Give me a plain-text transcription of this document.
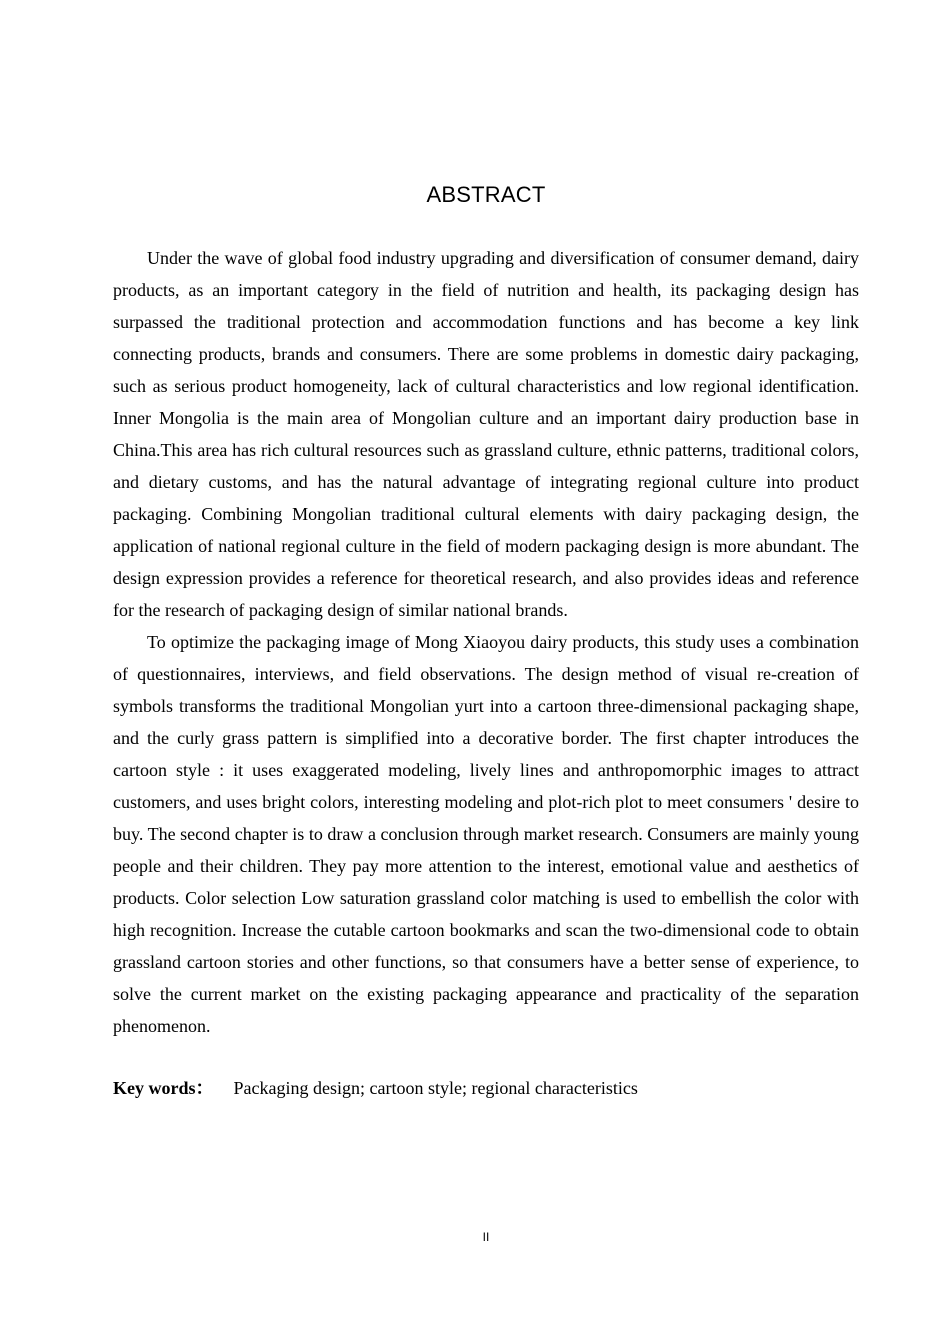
ABSTRACT

Under the wave of global food industry upgrading and diversification of consumer demand, dairy products, as an important category in the field of nutrition and health, its packaging design has surpassed the traditional protection and accommodation functions and has become a key link connecting products, brands and consumers. There are some problems in domestic dairy packaging, such as serious product homogeneity, lack of cultural characteristics and low regional identification. Inner Mongolia is the main area of Mongolian culture and an important dairy production base in China.This area has rich cultural resources such as grassland culture, ethnic patterns, traditional colors, and dietary customs, and has the natural advantage of integrating regional culture into product packaging. Combining Mongolian traditional cultural elements with dairy packaging design, the application of national regional culture in the field of modern packaging design is more abundant. The design expression provides a reference for theoretical research, and also provides ideas and reference for the research of packaging design of similar national brands.

To optimize the packaging image of Mong Xiaoyou dairy products, this study uses a combination of questionnaires, interviews, and field observations. The design method of visual re-creation of symbols transforms the traditional Mongolian yurt into a cartoon three-dimensional packaging shape, and the curly grass pattern is simplified into a decorative border. The first chapter introduces the cartoon style : it uses exaggerated modeling, lively lines and anthropomorphic images to attract customers, and uses bright colors, interesting modeling and plot-rich plot to meet consumers ' desire to buy. The second chapter is to draw a conclusion through market research. Consumers are mainly young people and their children. They pay more attention to the interest, emotional value and aesthetics of products. Color selection Low saturation grassland color matching is used to embellish the color with high recognition. Increase the cutable cartoon bookmarks and scan the two-dimensional code to obtain grassland cartoon stories and other functions, so that consumers have a better sense of experience, to solve the current market on the existing packaging appearance and practicality of the separation phenomenon.

Key words： Packaging design; cartoon style; regional characteristics

II
